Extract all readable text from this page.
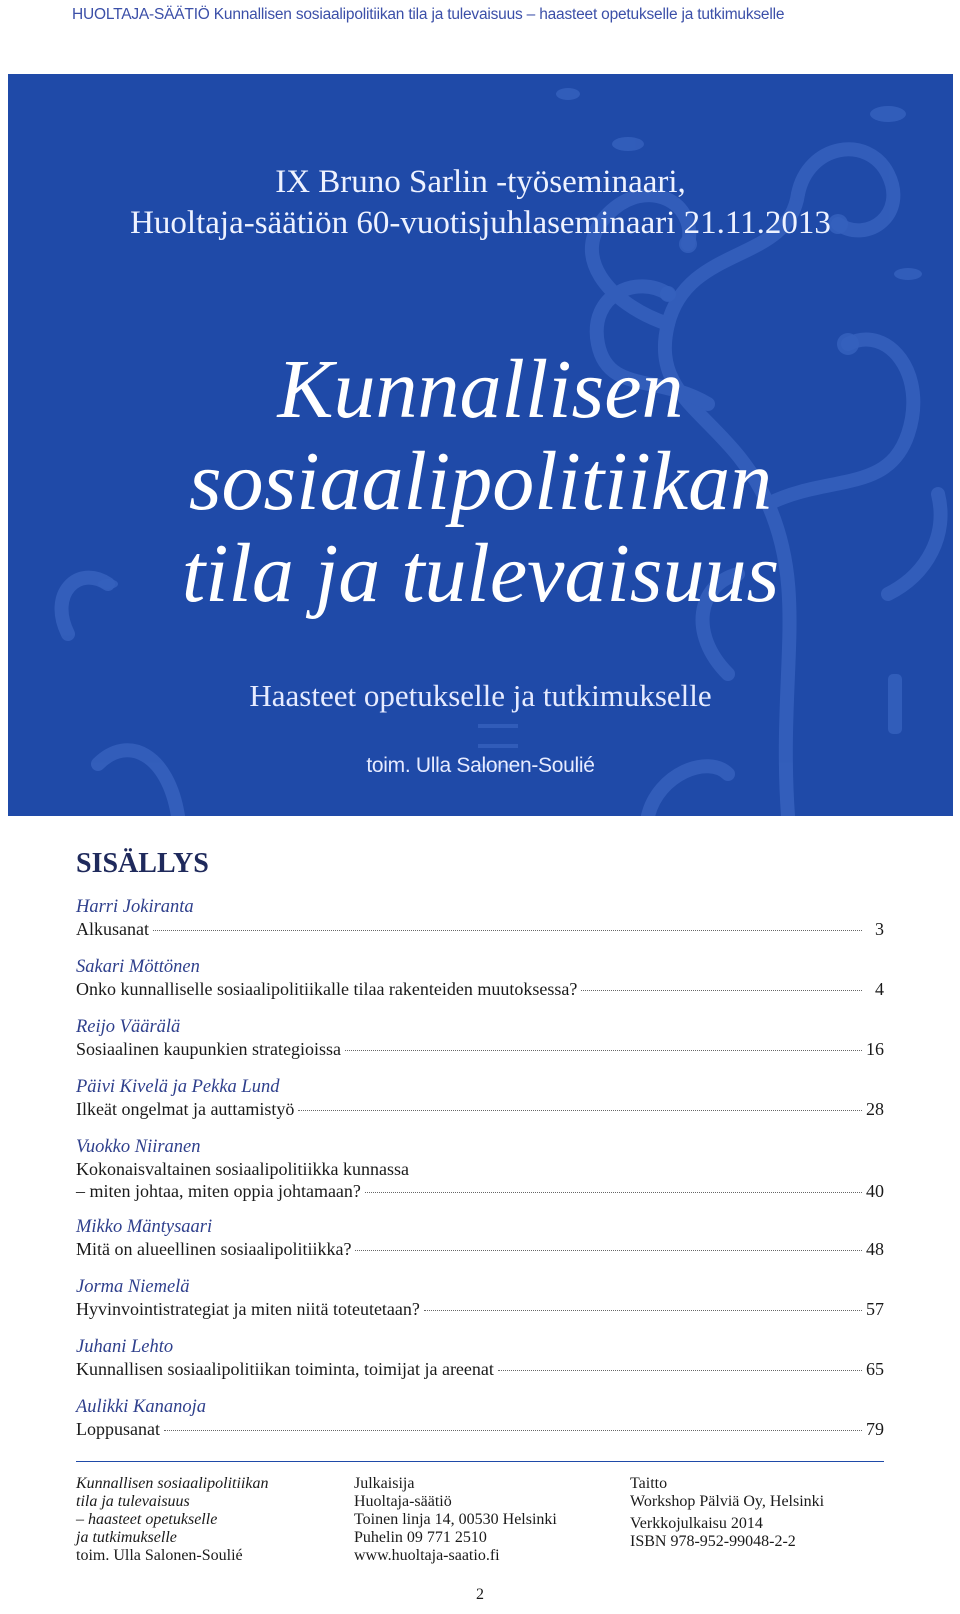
HUOLTAJA-SÄÄTIÖ Kunnallisen sosiaalipolitiikan tila ja tulevaisuus – haasteet opetukselle ja tutkimukselle
IX Bruno Sarlin -työseminaari,
Huoltaja-säätiön 60-vuotisjuhlaseminaari 21.11.2013
Kunnallisen
sosiaalipolitiikan
tila ja tulevaisuus
Haasteet opetukselle ja tutkimukselle
toim. Ulla Salonen-Soulié
SISÄLLYS
Harri Jokiranta
Alkusanat	3
Sakari Möttönen
Onko kunnalliselle sosiaalipolitiikalle tilaa rakenteiden muutoksessa?	4
Reijo Väärälä
Sosiaalinen kaupunkien strategioissa	16
Päivi Kivelä ja Pekka Lund
Ilkeät ongelmat ja auttamistyö	28
Vuokko Niiranen
Kokonaisvaltainen sosiaalipolitiikka kunnassa
– miten johtaa, miten oppia johtamaan?	40
Mikko Mäntysaari
Mitä on alueellinen sosiaalipolitiikka?	48
Jorma Niemelä
Hyvinvointistrategiat ja miten niitä toteutetaan?	57
Juhani Lehto
Kunnallisen sosiaalipolitiikan toiminta, toimijat ja areenat	65
Aulikki Kananoja
Loppusanat	79
Kunnallisen sosiaalipolitiikan
tila ja tulevaisuus
– haasteet opetukselle
ja tutkimukselle
toim. Ulla Salonen-Soulié
Julkaisija
Huoltaja-säätiö
Toinen linja 14, 00530 Helsinki
Puhelin 09 771 2510
www.huoltaja-saatio.fi
Taitto
Workshop Pälviä Oy, Helsinki
Verkkojulkaisu 2014
ISBN 978-952-99048-2-2
2
